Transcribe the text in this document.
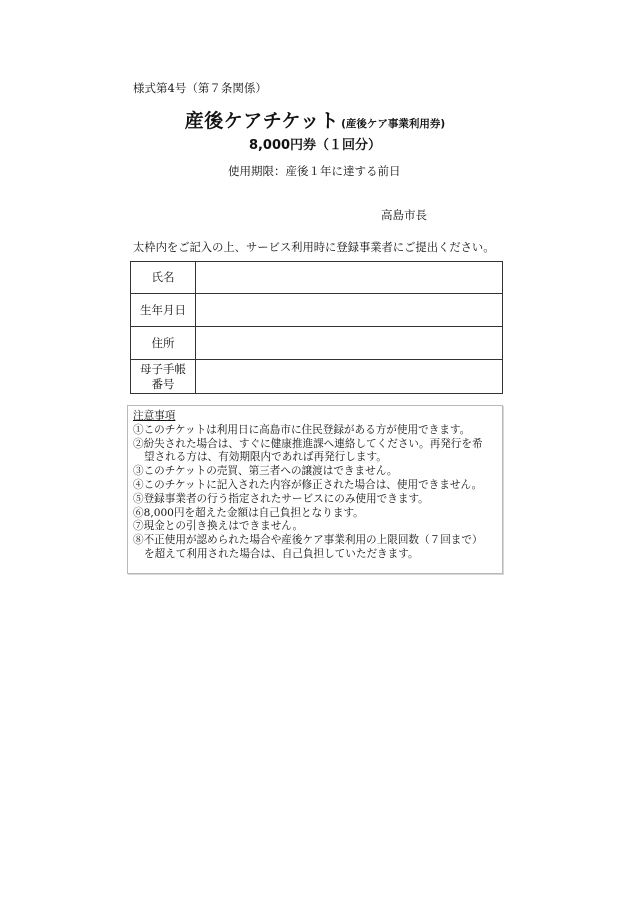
様式第4号（第７条関係）
産後ケアチケット (産後ケア事業利用券)
8,000円券（１回分）
使用期限：産後１年に達する前日
高島市長
太枠内をご記入の上、サービス利用時に登録事業者にご提出ください。
氏名	
生年月日	
住所	

母子手帳
番号	

注意事項
①このチケットは利用日に高島市に住民登録がある方が使用できます。
②紛失された場合は、すぐに健康推進課へ連絡してください。再発行を希
望される方は、有効期限内であれば再発行します。
③このチケットの売買、第三者への譲渡はできません。
④このチケットに記入された内容が修正された場合は、使用できません。
⑤登録事業者の行う指定されたサービスにのみ使用できます。
⑥8,000円を超えた金額は自己負担となります。
⑦現金との引き換えはできません。
⑧不正使用が認められた場合や産後ケア事業利用の上限回数（７回まで）
を超えて利用された場合は、自己負担していただきます。
